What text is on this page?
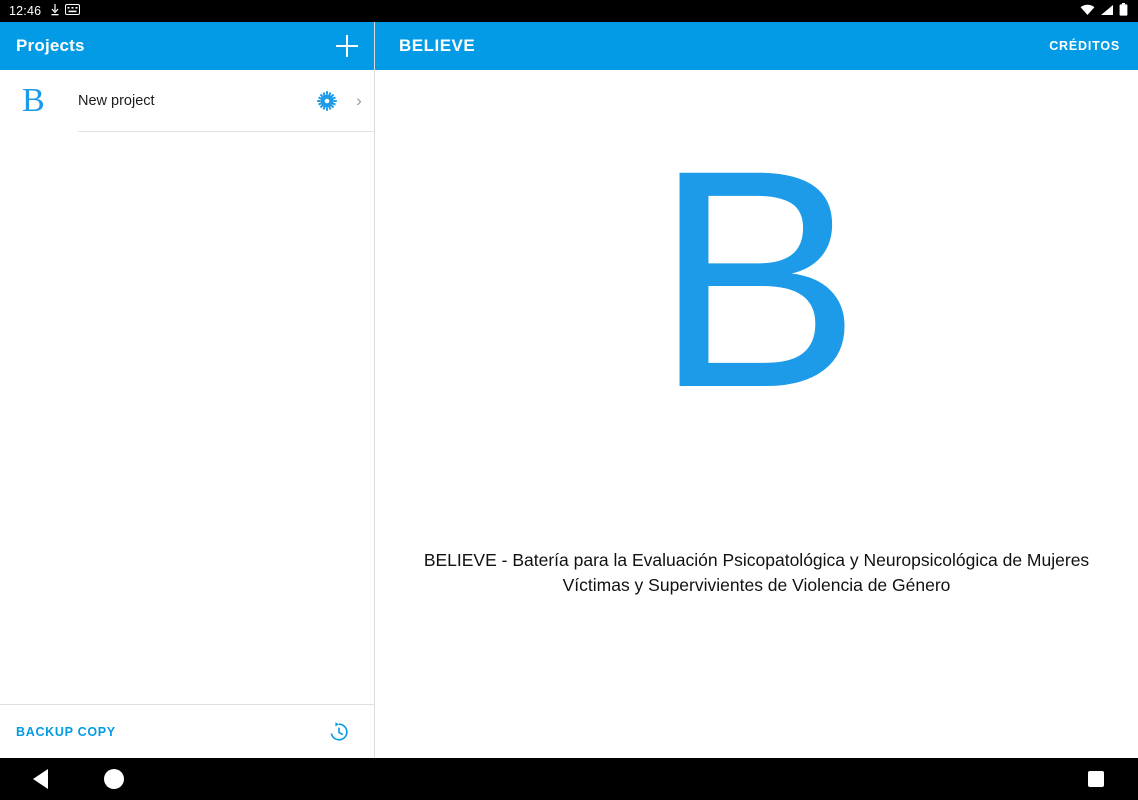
12:46
Projects
B	New project	›
BACKUP COPY
BELIEVE	CRÉDITOS
B
BELIEVE - Batería para la Evaluación Psicopatológica y Neuropsicológica de Mujeres Víctimas y Supervivientes de Violencia de Género
